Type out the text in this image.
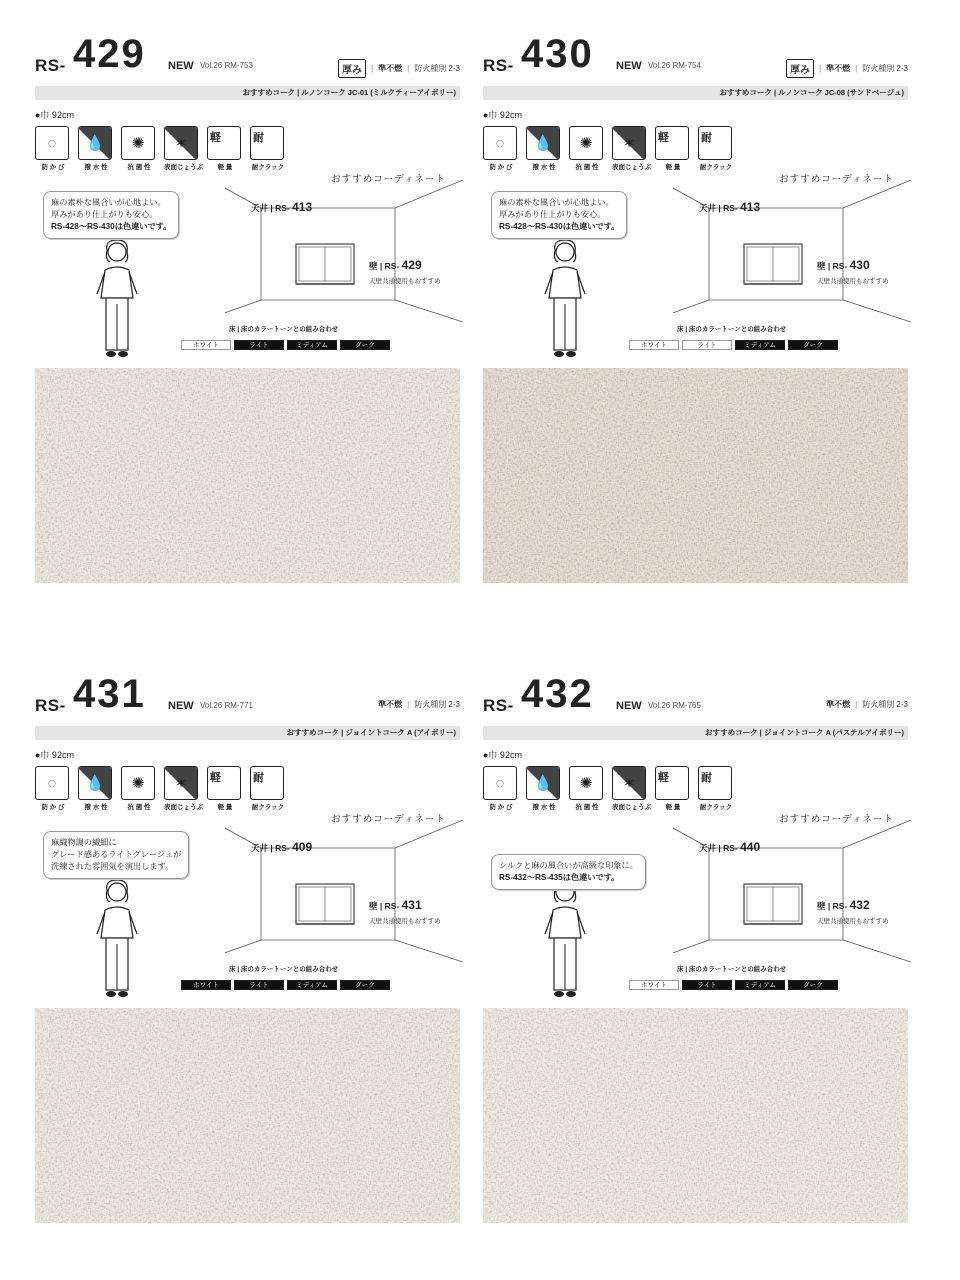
RS- 429 NEW Vol.26 RM-753	厚み	| 準不燃 | 防火種別 2-3
おすすめコーク | ルノンコーク JC-01 (ミルクティーアイボリー)
●巾 92cm
◌
防 か び
💧
撥 水 性
✺
抗 菌 性
✶
表面じょうぶ
軽
軽 量
耐
耐クラック
おすすめコーディネート
麻の素朴な風合いが心地よい。
厚みがあり仕上がりも安心。
RS-428～RS-430は色違いです。
天井 | RS- 413
壁 | RS- 429
天壁共通使用もおすすめ
床 | 床のカラートーンとの組み合わせ
ホワイト	ライト	ミディアム	ダーク
RS- 430 NEW Vol.26 RM-754	厚み	| 準不燃 | 防火種別 2-3
おすすめコーク | ルノンコーク JC-08 (サンドベージュ)
●巾 92cm
◌
防 か び
💧
撥 水 性
✺
抗 菌 性
✶
表面じょうぶ
軽
軽 量
耐
耐クラック
おすすめコーディネート
麻の素朴な風合いが心地よい。
厚みがあり仕上がりも安心。
RS-428～RS-430は色違いです。
天井 | RS- 413
壁 | RS- 430
天壁共通使用もおすすめ
床 | 床のカラートーンとの組み合わせ
ホワイト	ライト	ミディアム	ダーク
RS- 431 NEW Vol.26 RM-771	準不燃 | 防火種別 2-3
おすすめコーク | ジョイントコーク A (アイボリー)
●巾 92cm
◌
防 か び
💧
撥 水 性
✺
抗 菌 性
✶
表面じょうぶ
軽
軽 量
耐
耐クラック
おすすめコーディネート
麻織物調の繊細に
グレード感あるライトグレージュが
洗練された雰囲気を演出します。
天井 | RS- 409
壁 | RS- 431
天壁共通使用もおすすめ
床 | 床のカラートーンとの組み合わせ
ホワイト	ライト	ミディアム	ダーク
RS- 432 NEW Vol.26 RM-765	準不燃 | 防火種別 2-3
おすすめコーク | ジョイントコーク A (パステルアイボリー)
●巾 92cm
◌
防 か び
💧
撥 水 性
✺
抗 菌 性
✶
表面じょうぶ
軽
軽 量
耐
耐クラック
おすすめコーディネート
シルクと麻の風合いが高級な印象に。
RS-432～RS-435は色違いです。
天井 | RS- 440
壁 | RS- 432
天壁共通使用もおすすめ
床 | 床のカラートーンとの組み合わせ
ホワイト	ライト	ミディアム	ダーク
